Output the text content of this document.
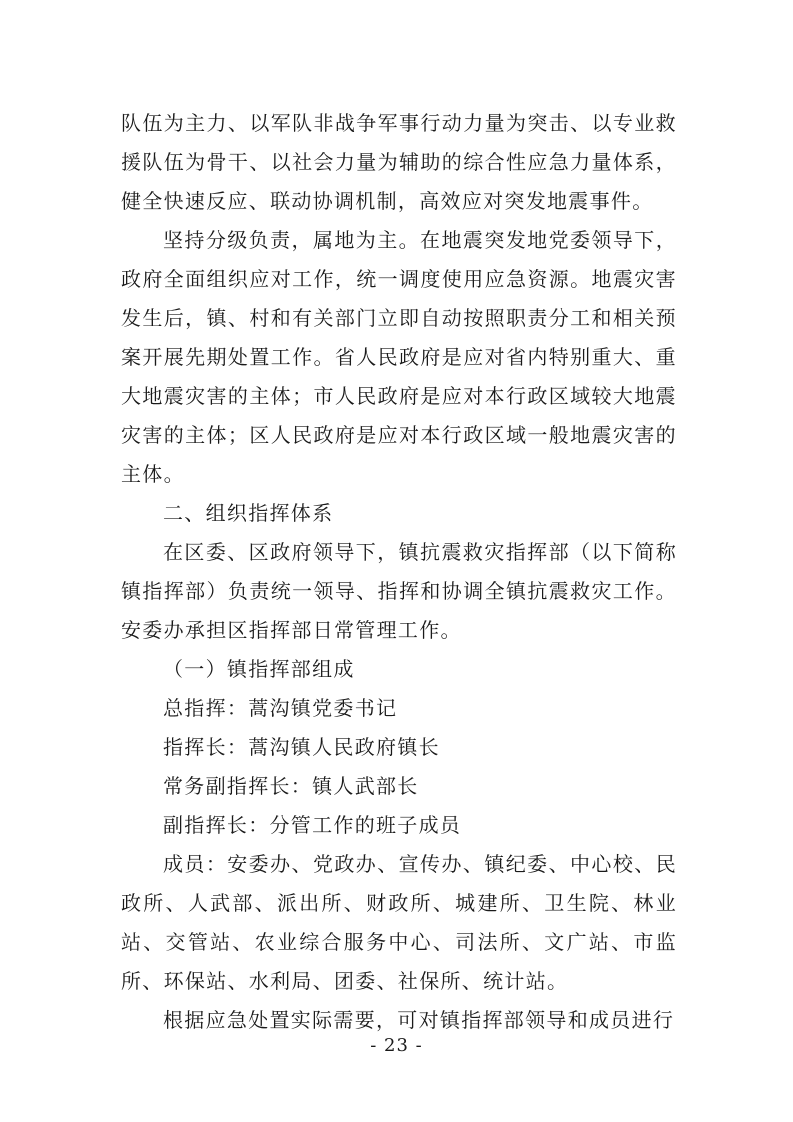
队伍为主力、以军队非战争军事行动力量为突击、以专业救援队伍为骨干、以社会力量为辅助的综合性应急力量体系，健全快速反应、联动协调机制，高效应对突发地震事件。

坚持分级负责，属地为主。在地震突发地党委领导下，政府全面组织应对工作，统一调度使用应急资源。地震灾害发生后，镇、村和有关部门立即自动按照职责分工和相关预案开展先期处置工作。省人民政府是应对省内特别重大、重大地震灾害的主体；市人民政府是应对本行政区域较大地震灾害的主体；区人民政府是应对本行政区域一般地震灾害的主体。

二、组织指挥体系

在区委、区政府领导下，镇抗震救灾指挥部（以下简称镇指挥部）负责统一领导、指挥和协调全镇抗震救灾工作。安委办承担区指挥部日常管理工作。

（一）镇指挥部组成

总指挥：蒿沟镇党委书记

指挥长：蒿沟镇人民政府镇长

常务副指挥长：镇人武部长

副指挥长：分管工作的班子成员

成员：安委办、党政办、宣传办、镇纪委、中心校、民政所、人武部、派出所、财政所、城建所、卫生院、林业站、交管站、农业综合服务中心、司法所、文广站、市监所、环保站、水利局、团委、社保所、统计站。

根据应急处置实际需要，可对镇指挥部领导和成员进行

- 23 -
